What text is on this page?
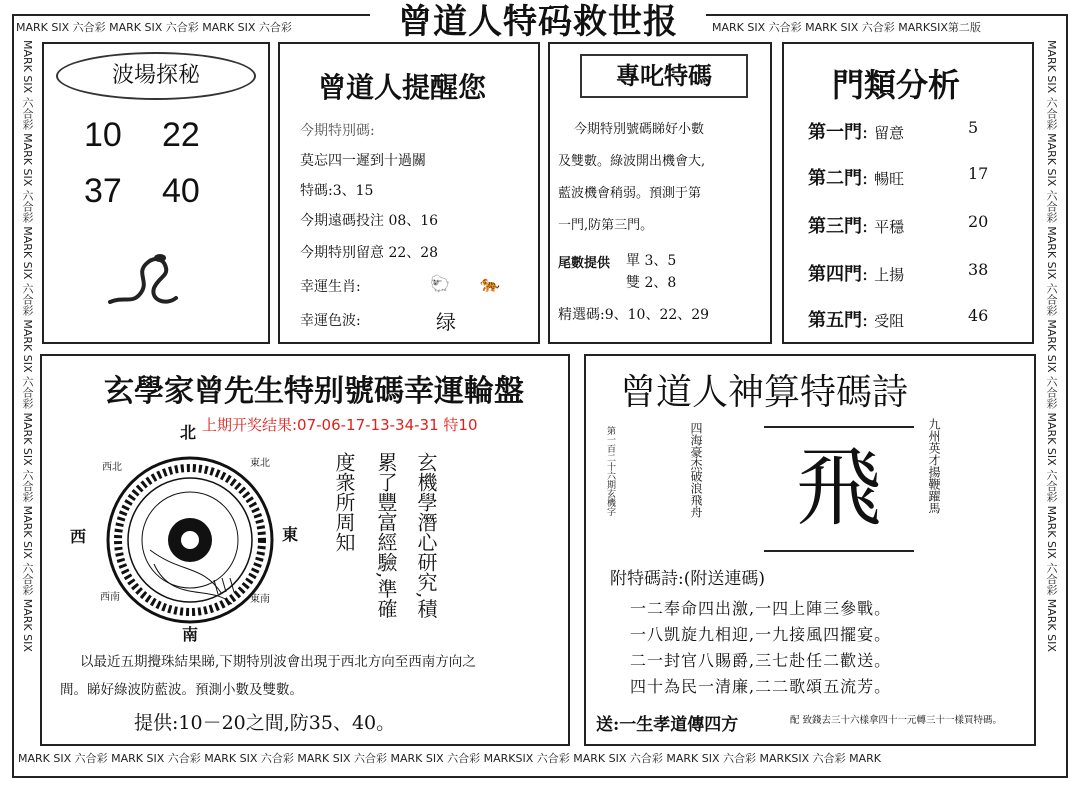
MARK SIX 六合彩 MARK SIX 六合彩 MARK SIX 六合彩	MARK SIX 六合彩 MARK SIX 六合彩 MARKSIX第二版
MARK SIX 六合彩 MARK SIX 六合彩 MARK SIX 六合彩 MARK SIX 六合彩 MARK SIX 六合彩 MARKSIX 六合彩 MARK SIX 六合彩 MARK SIX 六合彩 MARKSIX 六合彩 MARK
MARK SIX 六合彩 MARK SIX 六合彩 MARK SIX 六合彩 MARK SIX 六合彩 MARK SIX 六合彩 MARK SIX 六合彩 MARK SIX	MARK SIX 六合彩 MARK SIX 六合彩 MARK SIX 六合彩 MARK SIX 六合彩 MARK SIX 六合彩 MARK SIX 六合彩 MARK SIX
曾道人特码救世报
波場探秘
10 22
37 40
曾道人提醒您
今期特別碼:
莫忘四一遲到十過關
特碼:3、15
今期遠碼投注 08、16
今期特別留意 22、28
幸運生肖:	🐑 🐅
幸運色波:	绿
專叱特碼
今期特別號碼睇好小數
及雙數。綠波開出機會大,
藍波機會稍弱。預測于第
一門,防第三門。
尾數提供 單 3、5
雙 2、8
精選碼:9、10、22、29
門類分析
第一門: 留意	5
第二門: 暢旺	17
第三門: 平穩	20
第四門: 上揚	38
第五門: 受阻	46
玄學家曾先生特别號碼幸運輪盤
上期开奖结果:07-06-17-13-34-31 特10
北
南
東
西
西北	東北
西南	東南	玄機學潛心研究,積
累了豐富經驗,準確
度衆所周知
以最近五期攪珠結果睇,下期特別波會出現于西北方向至西南方向之
間。睇好綠波防藍波。預測小數及雙數。
提供:10－20之間,防35、40。
曾道人神算特碼詩
第一百二十六期玄機字	四海豪杰破浪飛舟	飛	九州英才揚鞭躍馬
附特碼詩:(附送連碼)
一二奉命四出激,一四上陣三參戰。
一八凱旋九相迎,一九接風四擺宴。
二一封官八賜爵,三七赴任二歡送。
四十為民一清廉,二二歌頌五流芳。
送:一生孝道傳四方	配 致錢去三十六樣拿四十一元轉三十一樣買特碼。
